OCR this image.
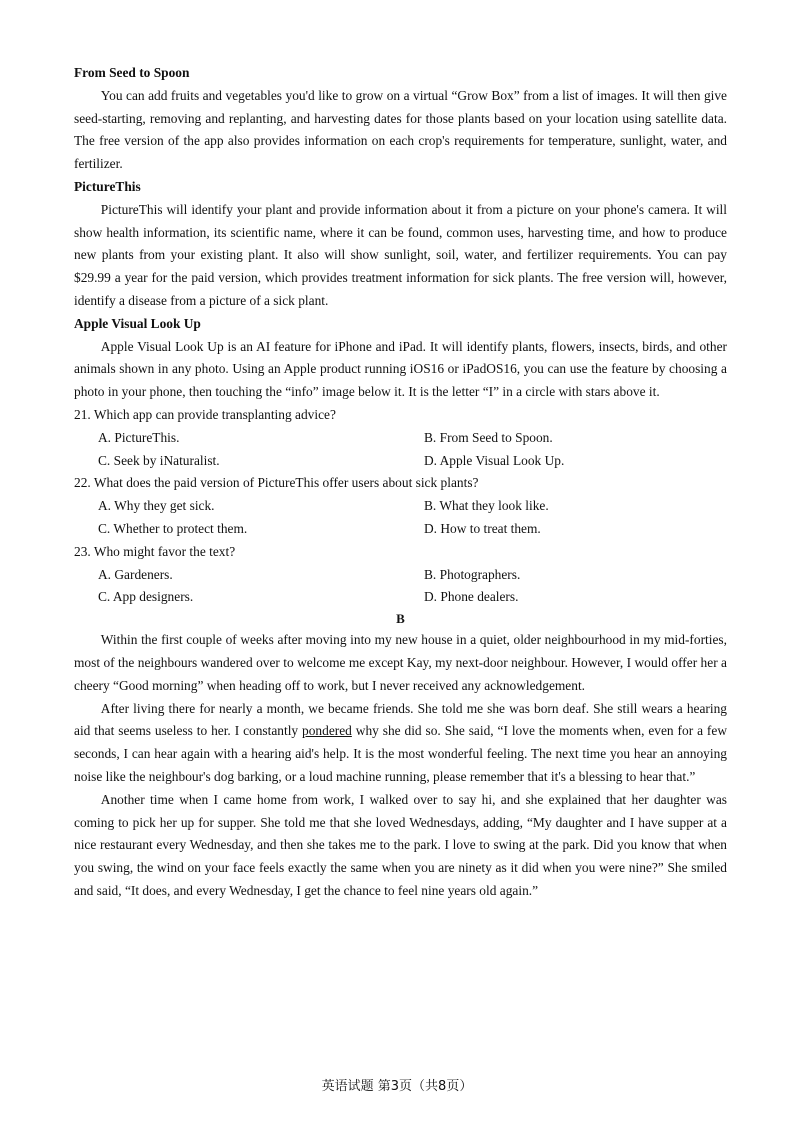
From Seed to Spoon

You can add fruits and vegetables you'd like to grow on a virtual “Grow Box” from a list of images. It will then give seed-starting, removing and replanting, and harvesting dates for those plants based on your location using satellite data. The free version of the app also provides information on each crop's requirements for temperature, sunlight, water, and fertilizer.

PictureThis

PictureThis will identify your plant and provide information about it from a picture on your phone's camera. It will show health information, its scientific name, where it can be found, common uses, harvesting time, and how to produce new plants from your existing plant. It also will show sunlight, soil, water, and fertilizer requirements. You can pay $29.99 a year for the paid version, which provides treatment information for sick plants. The free version will, however, identify a disease from a picture of a sick plant.

Apple Visual Look Up

Apple Visual Look Up is an AI feature for iPhone and iPad. It will identify plants, flowers, insects, birds, and other animals shown in any photo. Using an Apple product running iOS16 or iPadOS16, you can use the feature by choosing a photo in your phone, then touching the “info” image below it. It is the letter “I” in a circle with stars above it.

21. Which app can provide transplanting advice?

A. PictureThis.	B. From Seed to Spoon.
C. Seek by iNaturalist.	D. Apple Visual Look Up.

22. What does the paid version of PictureThis offer users about sick plants?

A. Why they get sick.	B. What they look like.
C. Whether to protect them.	D. How to treat them.

23. Who might favor the text?

A. Gardeners.	B. Photographers.
C. App designers.	D. Phone dealers.
B

Within the first couple of weeks after moving into my new house in a quiet, older neighbourhood in my mid-forties, most of the neighbours wandered over to welcome me except Kay, my next-door neighbour. However, I would offer her a cheery “Good morning” when heading off to work, but I never received any acknowledgement.

After living there for nearly a month, we became friends. She told me she was born deaf. She still wears a hearing aid that seems useless to her. I constantly pondered why she did so. She said, “I love the moments when, even for a few seconds, I can hear again with a hearing aid's help. It is the most wonderful feeling. The next time you hear an annoying noise like the neighbour's dog barking, or a loud machine running, please remember that it's a blessing to hear that.”

Another time when I came home from work, I walked over to say hi, and she explained that her daughter was coming to pick her up for supper. She told me that she loved Wednesdays, adding, “My daughter and I have supper at a nice restaurant every Wednesday, and then she takes me to the park. I love to swing at the park. Did you know that when you swing, the wind on your face feels exactly the same when you are ninety as it did when you were nine?” She smiled and said, “It does, and every Wednesday, I get the chance to feel nine years old again.”

英语试题 第3页（共8页）
